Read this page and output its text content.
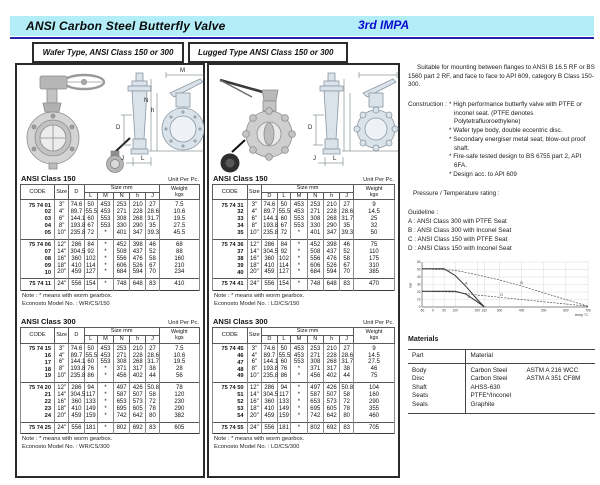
ANSI Carbon Steel Butterfly Valve	3rd IMPA
Wafer Type, ANSI Class 150 or 300	Lugged Type ANSI Class 150 or 300
M
N
h
D
J	L
ANSI Class 150	Unit Per Pc.
CODE	Size	D	Size mm					Weight
kgs

			L	M	N	h	J	
75 74 01	3"	74.6	50	453	253	210	27	7.5
02	4"	89.7	55.5	453	271	228	28.6	10.6
03	6"	144.1	60	553	308	268	31.7	19.5
04	8"	193.8	67	553	330	290	35	27.5
05	10"	235.8	72	*	401	347	39.3	45.5
75 74 06	12"	286	84	*	452	398	46	68
07	14"	304.5	92	*	508	437	52	88
08	16"	360	102	*	556	476	58	160
09	18"	410	114	*	606	526	67	210
10	20"	459	127	*	684	594	70	234
75 74 11	24"	556	154	*	748	648	83	410
Note : * means with worm gearbox.
Econosto Model No. : WR/CS/150
ANSI Class 300	Unit Per Pc.
CODE	Size	D	Size mm					Weight
kgs

			L	M	N	h	J	
75 74 15	3"	74.6	50	453	253	210	27	7.5
16	4"	89.7	55.5	453	271	228	28.6	10.6
17	6"	144.1	60	553	308	268	31.7	19.5
18	8"	193.8	76	*	371	317	38	28
19	10"	235.8	86	*	456	402	44	56
75 74 20	12"	286	94	*	497	426	50.8	78
21	14"	304.5	117	*	587	507	58	120
22	16"	360	133	*	653	573	72	230
23	18"	410	149	*	695	605	78	290
24	20"	459	159	*	742	642	80	382
75 74 25	24"	556	181	*	802	692	83	605
Note : * means with worm gearbox.
Econosto Model No. : WR/CS/300
D
J	L
ANSI Class 150	Unit Per Pc.
CODE	Size	Size mm						Weight
kgs

		D	L	M	N	h	J	
75 74 31	3"	74.6	50	453	253	210	27	9
32	4"	89.7	55.5	453	271	228	28.6	14.5
33	6"	144.1	60	553	308	268	31.7	25
34	8"	193.8	67	553	330	290	35	32
35	10"	235.8	72	*	401	347	39.3	50
75 74 36	12"	286	84	*	452	398	46	75
37	14"	304.5	92	*	508	437	52	110
38	16"	360	102	*	556	476	58	175
39	18"	410	114	*	606	526	67	310
40	20"	459	127	*	684	594	70	385
75 74 41	24"	556	154	*	748	648	83	470
Note : * means with worm gearbox.
Econosto Model No. : LD/CS/150
ANSI Class 300	Unit Per Pc.
CODE	Size	Size mm						Weight
kgs

		D	L	M	N	h	J	
75 74 45	3"	74.6	50	453	253	210	27	9
46	4"	89.7	55.5	453	271	228	28.6	14.5
47	6"	144.1	60	553	308	268	31.7	27.5
48	8"	193.8	76	*	371	317	38	46
49	10"	235.8	86	*	456	402	44	75
75 74 50	12"	286	94	*	497	426	50.8	104
51	14"	304.5	117	*	587	507	58	160
52	16"	360	133	*	653	573	72	290
53	18"	410	149	*	695	605	78	355
54	20"	459	159	*	742	642	80	460
75 74 55	24"	556	181	*	802	692	83	705
Note : * means with worm gearbox.
Econosto Model No. : LD/CS/300
Suitable for mounting between flanges to ANSI B 16.5 RF or BS 1560 part 2 RF, and face to face to API 609, category B Class 150-300.
Construction : * High performance butterfly valve with PTFE or inconel seat. (PTFE denotes Polytetrafluoroethylene)
* Wafer type body, double eccentric disc.
* Secondary energiser metal seat, blow-out proof shaft.
* Fire-safe tested design to BS 6755 part 2, API 6FA.
* Design acc. to API 609
Pressure / Temperature rating :
Guideline :
A : ANSI Class 300 with PTFE Seat
B : ANSI Class 300 with Inconel Seat
C : ANSI Class 150 with PTFE Seat
D : ANSI Class 150 with Inconel Seat
-50 0	50 100	200 232	300	400	500	600	700
0
10
20
30
40
50
60
A	B
C
D
temp °C
bar
Materials
Part	Material	
Body	Carbon Steel	ASTM A 216 WCC
Disc	Carbon Steel	ASTM A 351 CF8M
Shaft	AHSS-630	
Seats	PTFE*/Inconel	
Seals	Graphite	
